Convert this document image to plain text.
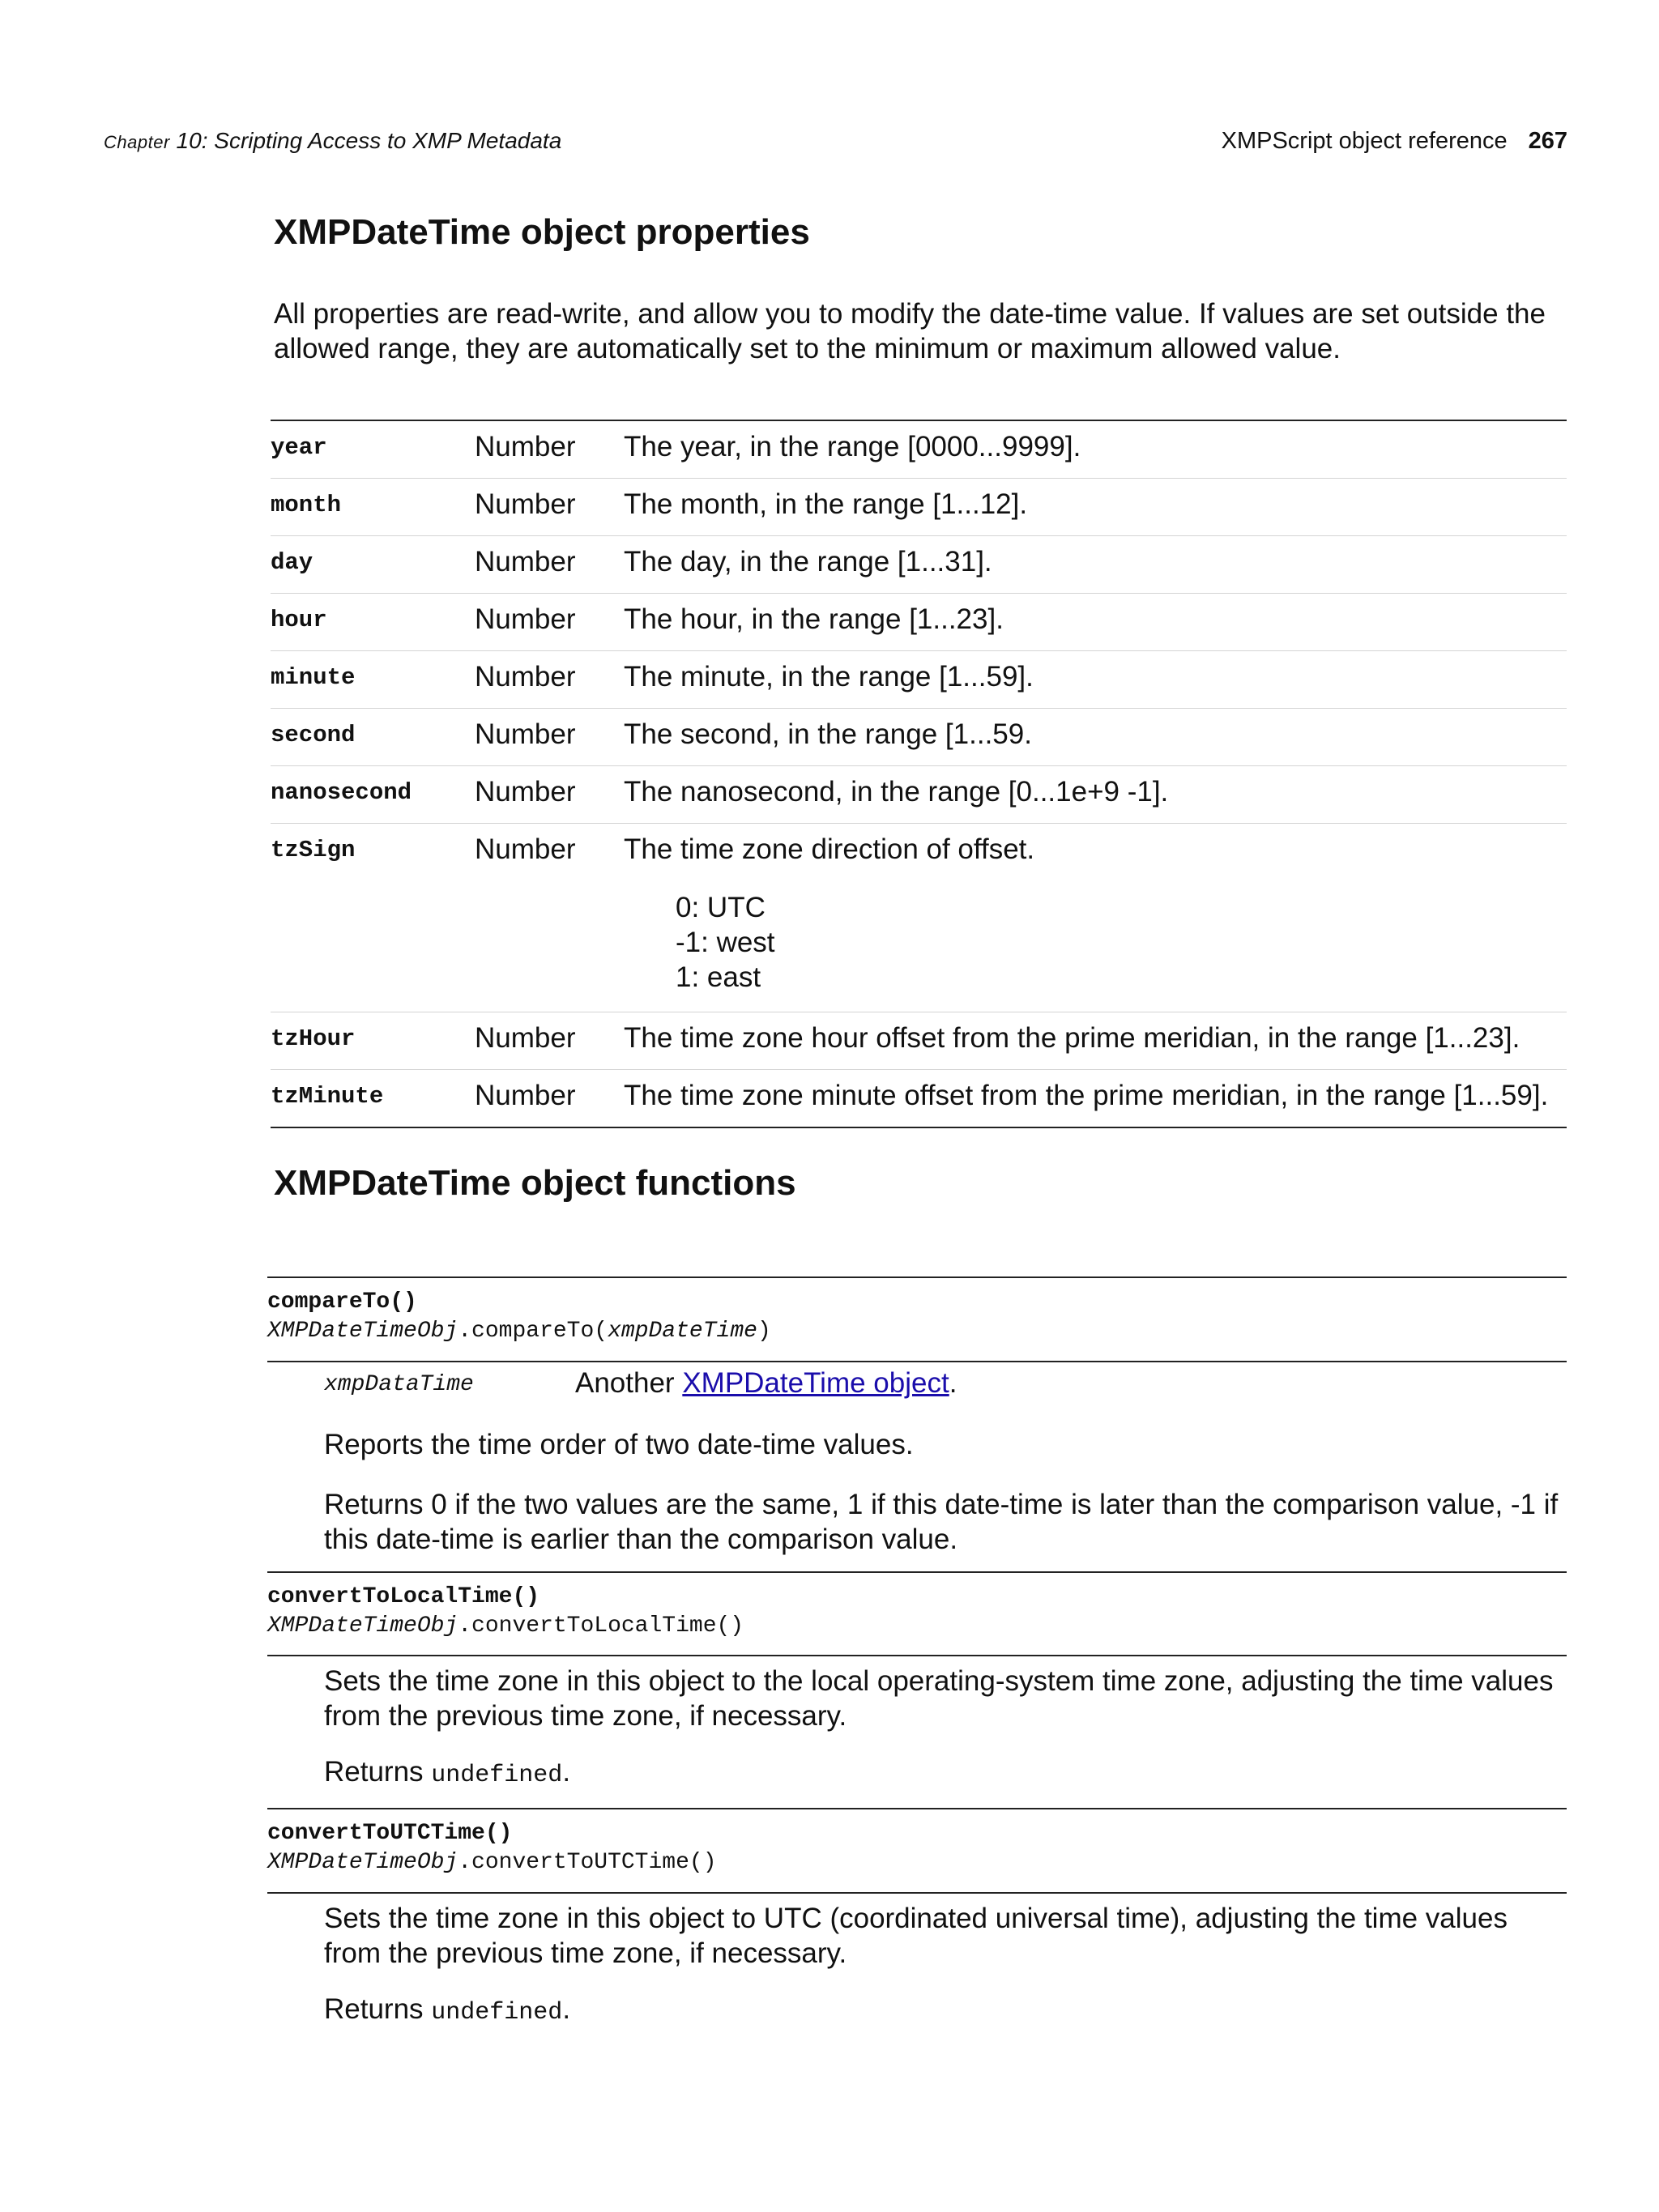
Chapter 10: Scripting Access to XMP Metadata	XMPScript object reference 267
XMPDateTime object properties

All properties are read-write, and allow you to modify the date-time value. If values are set outside the allowed range, they are automatically set to the minimum or maximum allowed value.

year	Number The year, in the range [0000...9999].
month	Number The month, in the range [1...12].
day	Number The day, in the range [1...31].
hour	Number The hour, in the range [1...23].
minute	Number The minute, in the range [1...59].
second	Number The second, in the range [1...59.
nanosecond Number The nanosecond, in the range [0...1e+9 -1].
tzSign	Number The time zone direction of offset.
0: UTC
-1: west
1: east
tzHour	Number The time zone hour offset from the prime meridian, in the range [1...23].
tzMinute	Number The time zone minute offset from the prime meridian, in the range [1...59].
XMPDateTime object functions
compareTo()
XMPDateTimeObj.compareTo(xmpDateTime)
xmpDataTime	Another XMPDateTime object.

Reports the time order of two date-time values.

Returns 0 if the two values are the same, 1 if this date-time is later than the comparison value, -1 if this date-time is earlier than the comparison value.

convertToLocalTime()
XMPDateTimeObj.convertToLocalTime()

Sets the time zone in this object to the local operating-system time zone, adjusting the time values from the previous time zone, if necessary.

Returns undefined.

convertToUTCTime()
XMPDateTimeObj.convertToUTCTime()

Sets the time zone in this object to UTC (coordinated universal time), adjusting the time values from the previous time zone, if necessary.

Returns undefined.
